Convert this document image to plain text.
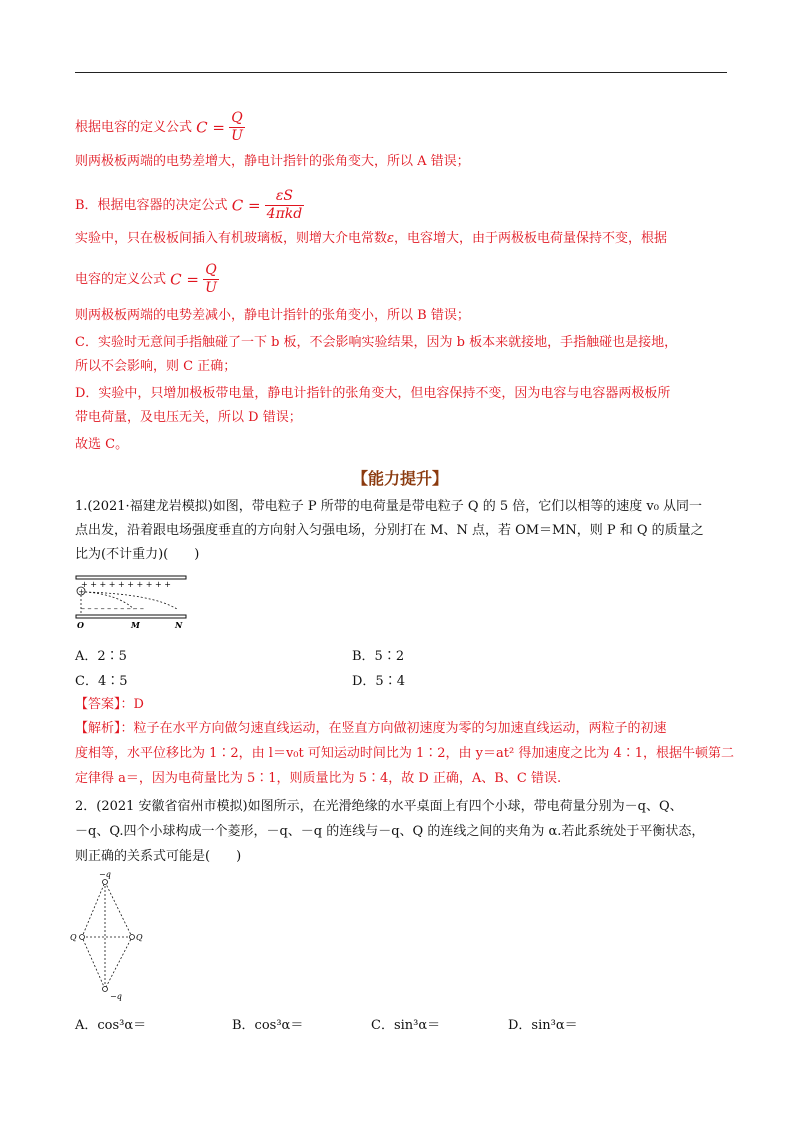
根据电容的定义公式 $C = \frac{Q}{U}$
则两极板两端的电势差增大，静电计指针的张角变大，所以 A 错误；
B．根据电容器的决定公式 $C = \frac{\varepsilon S}{\text{4πkd}}$
实验中，只在极板间插入有机玻璃板，则增大介电常数ε，电容增大，由于两极板电荷量保持不变，根据
电容的定义公式 $C = \frac{Q}{U}$
则两极板两端的电势差减小，静电计指针的张角变小，所以 B 错误；
C．实验时无意间手指触碰了一下 b 板，不会影响实验结果，因为 b 板本来就接地，手指触碰也是接地，
所以不会影响，则 C 正确；
D．实验中，只增加极板带电量，静电计指针的张角变大，但电容保持不变，因为电容与电容器两极板所
带电荷量，及电压无关，所以 D 错误；
故选 C。
【能力提升】
1.(2021·福建龙岩模拟)如图，带电粒子 P 所带的电荷量是带电粒子 Q 的 5 倍，它们以相等的速度 v₀ 从同一
点出发，沿着跟电场强度垂直的方向射入匀强电场，分别打在 M、N 点，若 OM＝MN，则 P 和 Q 的质量之
比为(不计重力)(　　)
+ + + + + + + + + +
+
– – – – – – – – – –
O	M	N
A．2∶5	B．5∶2
C．4∶5	D．5∶4
【答案】：D
【解析】：粒子在水平方向做匀速直线运动，在竖直方向做初速度为零的匀加速直线运动，两粒子的初速
度相等，水平位移比为 1∶2，由 l＝v₀t 可知运动时间比为 1∶2，由 y＝at² 得加速度之比为 4∶1，根据牛顿第二
定律得 a＝，因为电荷量比为 5∶1，则质量比为 5∶4，故 D 正确，A、B、C 错误.
2．(2021 安徽省宿州市模拟)如图所示，在光滑绝缘的水平桌面上有四个小球，带电荷量分别为－q、Q、
－q、Q.四个小球构成一个菱形，－q、－q 的连线与－q、Q 的连线之间的夹角为 α.若此系统处于平衡状态，
则正确的关系式可能是(　　)
−q
−q
Q	Q
A．cos³α＝	B．cos³α＝	C．sin³α＝	D．sin³α＝
